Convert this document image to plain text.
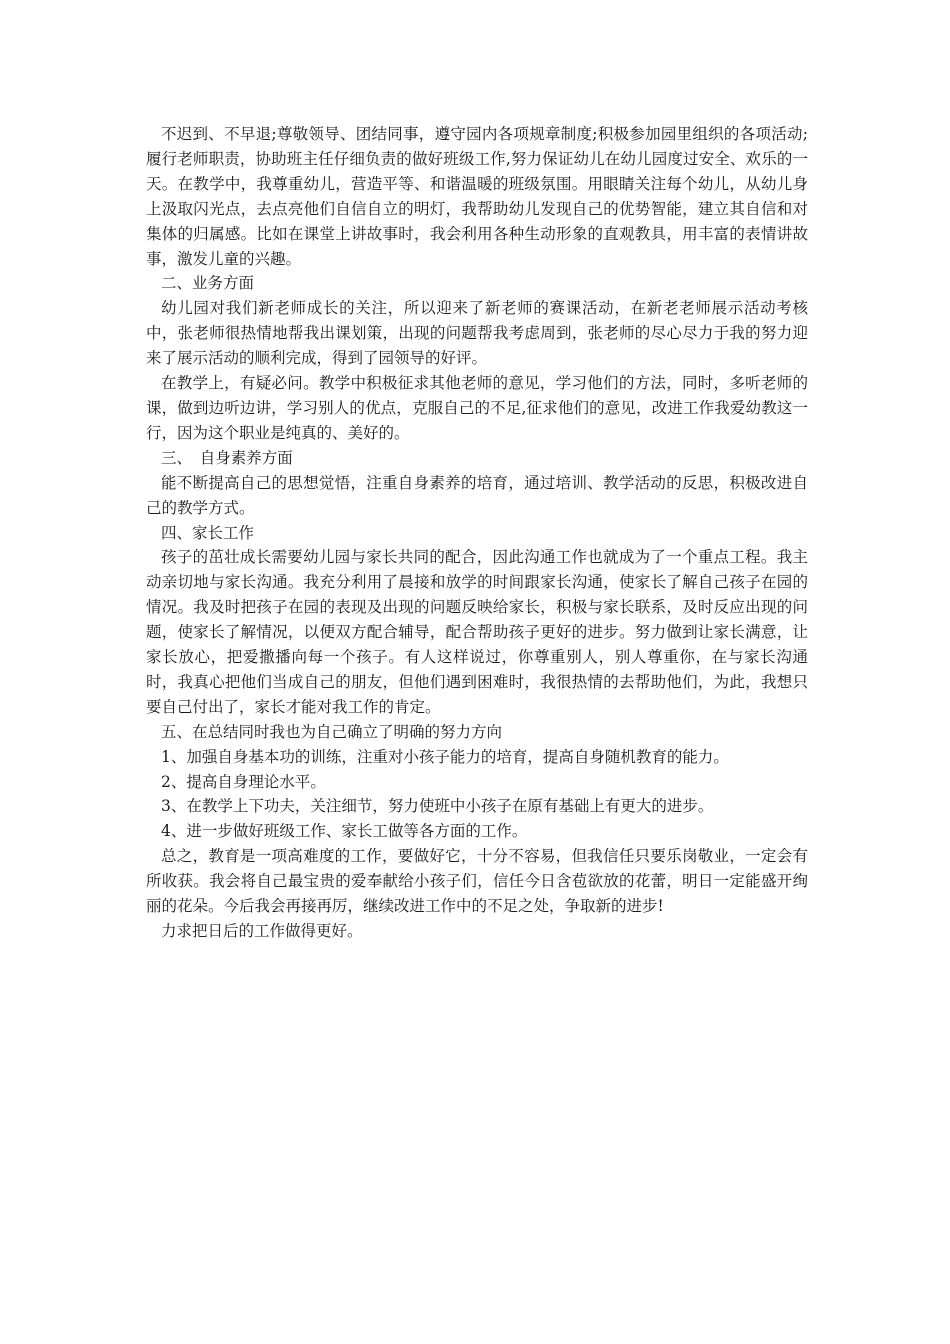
不迟到、不早退;尊敬领导、团结同事，遵守园内各项规章制度;积极参加园里组织的各项活动;履行老师职责，协助班主任仔细负责的做好班级工作,努力保证幼儿在幼儿园度过安全、欢乐的一天。在教学中，我尊重幼儿，营造平等、和谐温暖的班级氛围。用眼睛关注每个幼儿，从幼儿身上汲取闪光点，去点亮他们自信自立的明灯，我帮助幼儿发现自己的优势智能，建立其自信和对集体的归属感。比如在课堂上讲故事时，我会利用各种生动形象的直观教具，用丰富的表情讲故事，激发儿童的兴趣。

二、业务方面

幼儿园对我们新老师成长的关注，所以迎来了新老师的赛课活动，在新老老师展示活动考核中，张老师很热情地帮我出课划策，出现的问题帮我考虑周到，张老师的尽心尽力于我的努力迎来了展示活动的顺利完成，得到了园领导的好评。

在教学上，有疑必问。教学中积极征求其他老师的意见，学习他们的方法，同时，多听老师的课，做到边听边讲，学习别人的优点，克服自己的不足,征求他们的意见，改进工作我爱幼教这一行，因为这个职业是纯真的、美好的。

三、　自身素养方面

能不断提高自己的思想觉悟，注重自身素养的培育，通过培训、教学活动的反思，积极改进自己的教学方式。

四、家长工作

孩子的茁壮成长需要幼儿园与家长共同的配合，因此沟通工作也就成为了一个重点工程。我主动亲切地与家长沟通。我充分利用了晨接和放学的时间跟家长沟通，使家长了解自己孩子在园的情况。我及时把孩子在园的表现及出现的问题反映给家长，积极与家长联系，及时反应出现的问题，使家长了解情况，以便双方配合辅导，配合帮助孩子更好的进步。努力做到让家长满意，让家长放心，把爱撒播向每一个孩子。有人这样说过，你尊重别人，别人尊重你，在与家长沟通时，我真心把他们当成自己的朋友，但他们遇到困难时，我很热情的去帮助他们，为此，我想只要自己付出了，家长才能对我工作的肯定。

五、在总结同时我也为自己确立了明确的努力方向

1、加强自身基本功的训练，注重对小孩子能力的培育，提高自身随机教育的能力。

2、提高自身理论水平。

3、在教学上下功夫，关注细节，努力使班中小孩子在原有基础上有更大的进步。

4、进一步做好班级工作、家长工做等各方面的工作。

总之，教育是一项高难度的工作，要做好它，十分不容易，但我信任只要乐岗敬业，一定会有所收获。我会将自己最宝贵的爱奉献给小孩子们，信任今日含苞欲放的花蕾，明日一定能盛开绚丽的花朵。今后我会再接再厉，继续改进工作中的不足之处，争取新的进步!

力求把日后的工作做得更好。
